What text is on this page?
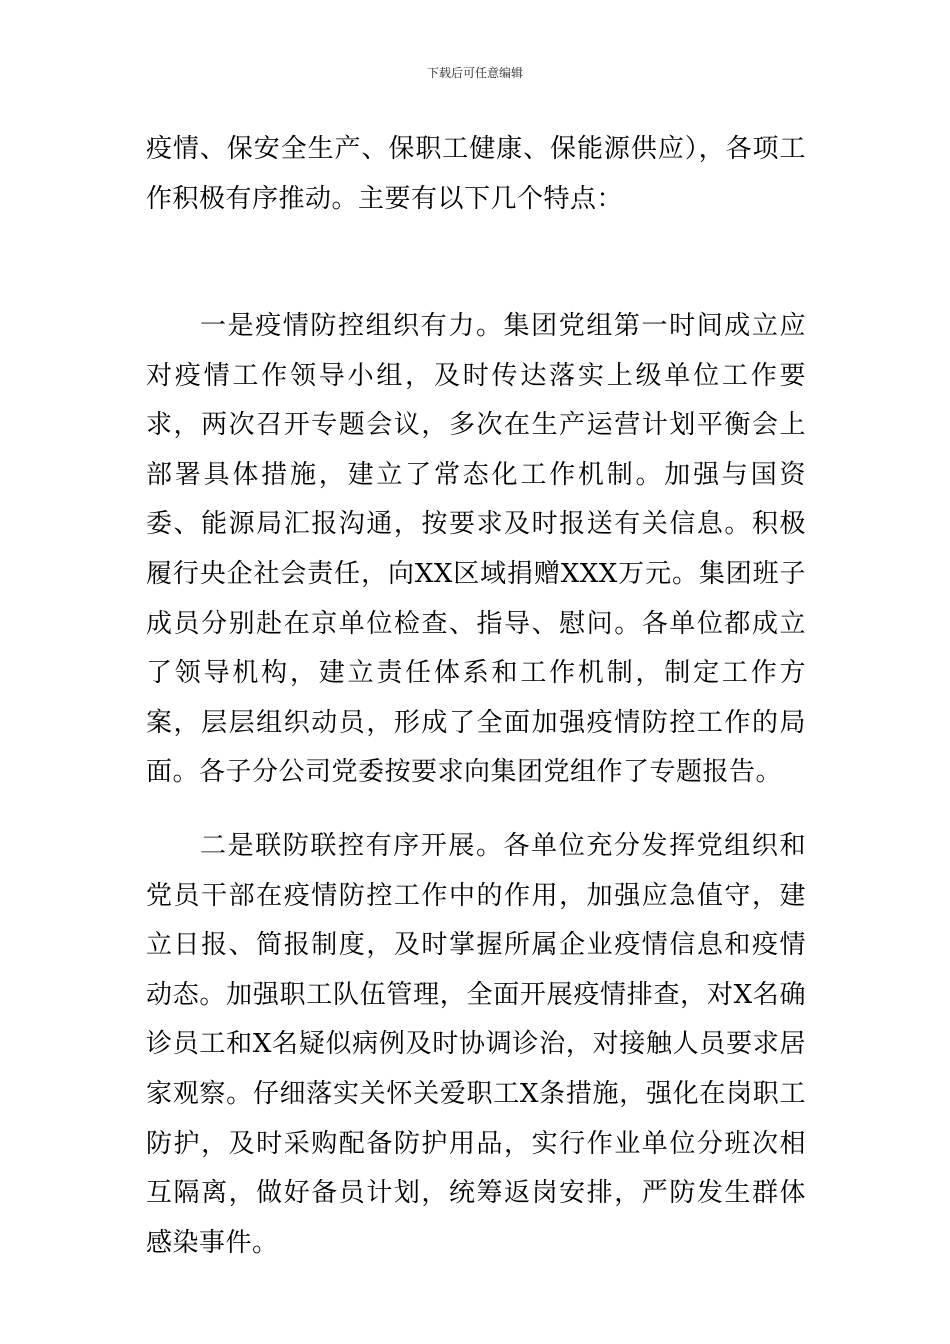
下载后可任意编辑

疫情、保安全生产、保职工健康、保能源供应），各项工作积极有序推动。主要有以下几个特点：

一是疫情防控组织有力。集团党组第一时间成立应对疫情工作领导小组，及时传达落实上级单位工作要求，两次召开专题会议，多次在生产运营计划平衡会上部署具体措施，建立了常态化工作机制。加强与国资委、能源局汇报沟通，按要求及时报送有关信息。积极履行央企社会责任，向XX区域捐赠XXX万元。集团班子成员分别赴在京单位检查、指导、慰问。各单位都成立了领导机构，建立责任体系和工作机制，制定工作方案，层层组织动员，形成了全面加强疫情防控工作的局面。各子分公司党委按要求向集团党组作了专题报告。

二是联防联控有序开展。各单位充分发挥党组织和党员干部在疫情防控工作中的作用，加强应急值守，建立日报、简报制度，及时掌握所属企业疫情信息和疫情动态。加强职工队伍管理，全面开展疫情排查，对X名确诊员工和X名疑似病例及时协调诊治，对接触人员要求居家观察。仔细落实关怀关爱职工X条措施，强化在岗职工防护，及时采购配备防护用品，实行作业单位分班次相互隔离，做好备员计划，统筹返岗安排，严防发生群体感染事件。
